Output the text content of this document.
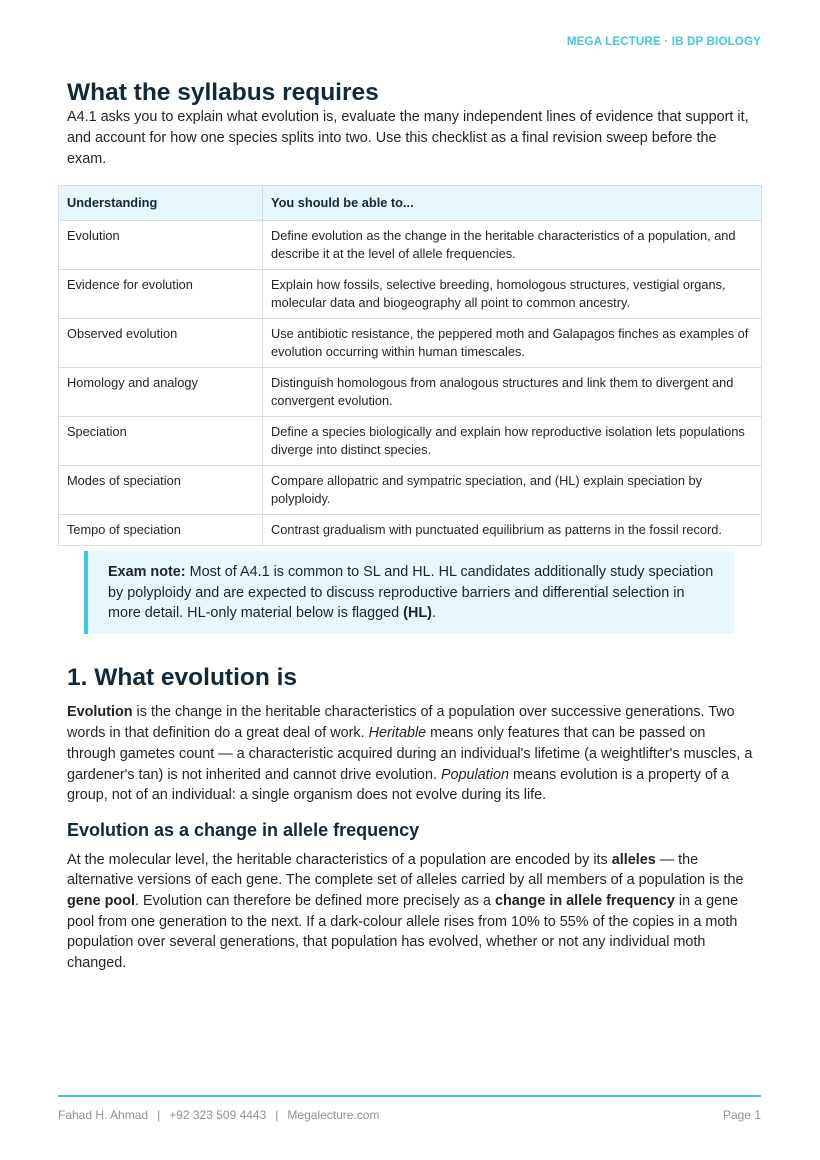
MEGA LECTURE · IB DP BIOLOGY
What the syllabus requires

A4.1 asks you to explain what evolution is, evaluate the many independent lines of evidence that support it, and account for how one species splits into two. Use this checklist as a final revision sweep before the exam.

Understanding	You should be able to...
Evolution	Define evolution as the change in the heritable characteristics of a population, and describe it at the level of allele frequencies.
Evidence for evolution	Explain how fossils, selective breeding, homologous structures, vestigial organs, molecular data and biogeography all point to common ancestry.
Observed evolution	Use antibiotic resistance, the peppered moth and Galapagos finches as examples of evolution occurring within human timescales.
Homology and analogy	Distinguish homologous from analogous structures and link them to divergent and convergent evolution.
Speciation	Define a species biologically and explain how reproductive isolation lets populations diverge into distinct species.
Modes of speciation	Compare allopatric and sympatric speciation, and (HL) explain speciation by polyploidy.
Tempo of speciation	Contrast gradualism with punctuated equilibrium as patterns in the fossil record.
Exam note: Most of A4.1 is common to SL and HL. HL candidates additionally study speciation by polyploidy and are expected to discuss reproductive barriers and differential selection in more detail. HL-only material below is flagged (HL).
1. What evolution is

Evolution is the change in the heritable characteristics of a population over successive generations. Two words in that definition do a great deal of work. Heritable means only features that can be passed on through gametes count — a characteristic acquired during an individual's lifetime (a weightlifter's muscles, a gardener's tan) is not inherited and cannot drive evolution. Population means evolution is a property of a group, not of an individual: a single organism does not evolve during its life.

Evolution as a change in allele frequency

At the molecular level, the heritable characteristics of a population are encoded by its alleles — the alternative versions of each gene. The complete set of alleles carried by all members of a population is the gene pool. Evolution can therefore be defined more precisely as a change in allele frequency in a gene pool from one generation to the next. If a dark-colour allele rises from 10% to 55% of the copies in a moth population over several generations, that population has evolved, whether or not any individual moth changed.

Fahad H. Ahmad | +92 323 509 4443 | Megalecture.com	Page 1
